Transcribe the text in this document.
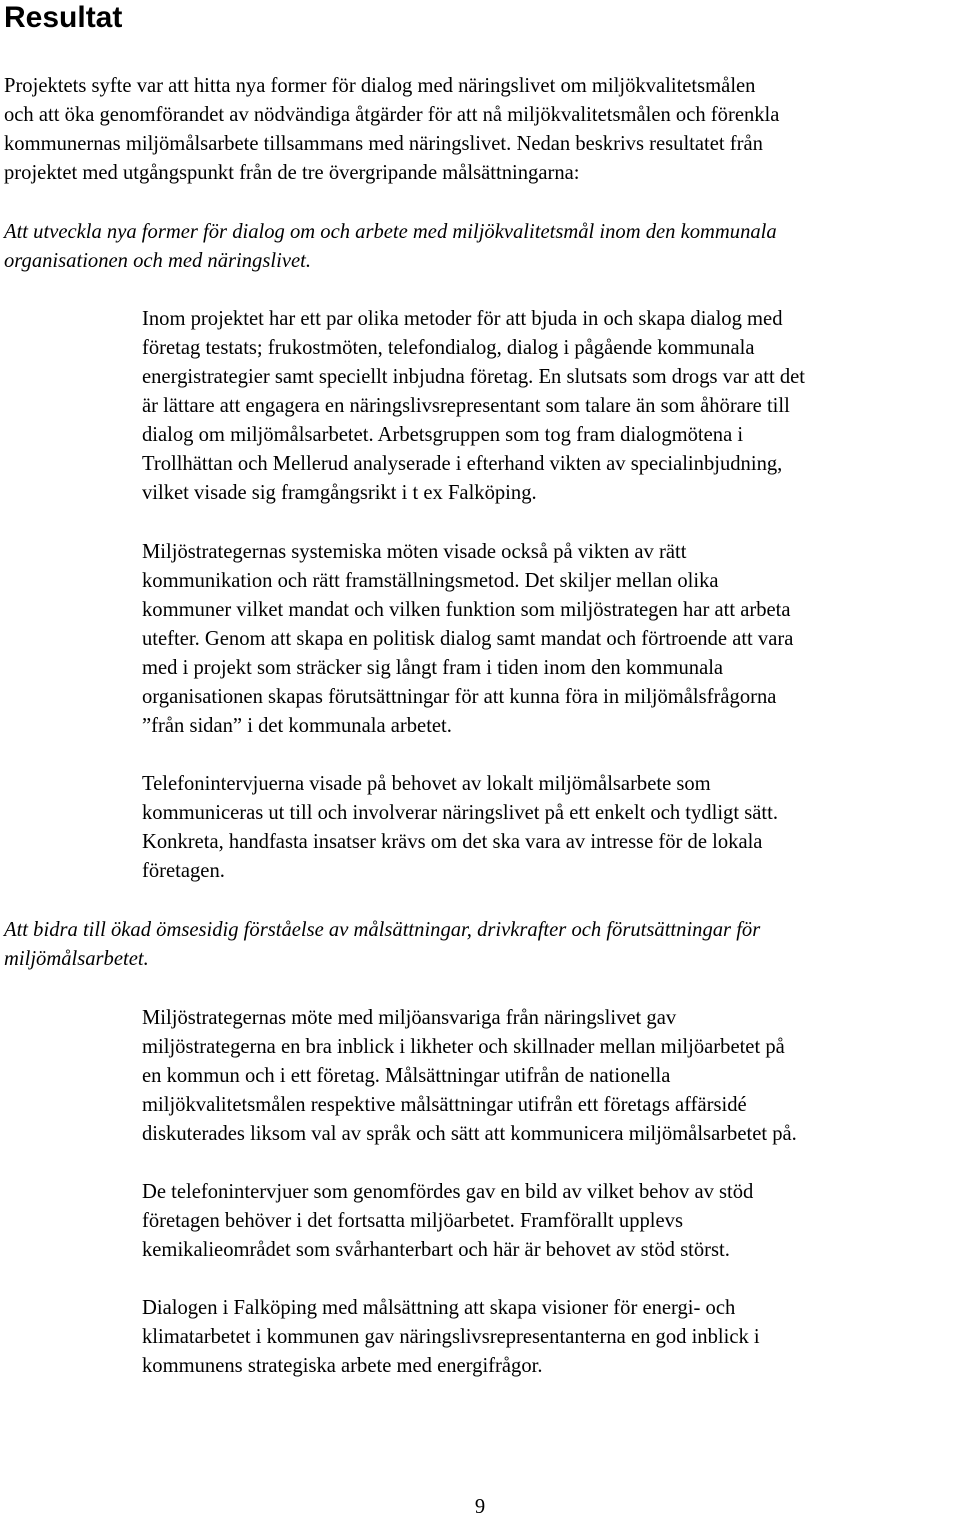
Resultat

Projektets syfte var att hitta nya former för dialog med näringslivet om miljökvalitetsmålen
och att öka genomförandet av nödvändiga åtgärder för att nå miljökvalitetsmålen och förenkla
kommunernas miljömålsarbete tillsammans med näringslivet. Nedan beskrivs resultatet från
projektet med utgångspunkt från de tre övergripande målsättningarna:

Att utveckla nya former för dialog om och arbete med miljökvalitetsmål inom den kommunala
organisationen och med näringslivet.

Inom projektet har ett par olika metoder för att bjuda in och skapa dialog med
företag testats; frukostmöten, telefondialog, dialog i pågående kommunala
energistrategier samt speciellt inbjudna företag. En slutsats som drogs var att det
är lättare att engagera en näringslivsrepresentant som talare än som åhörare till
dialog om miljömålsarbetet. Arbetsgruppen som tog fram dialogmötena i
Trollhättan och Mellerud analyserade i efterhand vikten av specialinbjudning,
vilket visade sig framgångsrikt i t ex Falköping.

Miljöstrategernas systemiska möten visade också på vikten av rätt
kommunikation och rätt framställningsmetod. Det skiljer mellan olika
kommuner vilket mandat och vilken funktion som miljöstrategen har att arbeta
utefter. Genom att skapa en politisk dialog samt mandat och förtroende att vara
med i projekt som sträcker sig långt fram i tiden inom den kommunala
organisationen skapas förutsättningar för att kunna föra in miljömålsfrågorna
”från sidan” i det kommunala arbetet.

Telefonintervjuerna visade på behovet av lokalt miljömålsarbete som
kommuniceras ut till och involverar näringslivet på ett enkelt och tydligt sätt.
Konkreta, handfasta insatser krävs om det ska vara av intresse för de lokala
företagen.

Att bidra till ökad ömsesidig förståelse av målsättningar, drivkrafter och förutsättningar för
miljömålsarbetet.

Miljöstrategernas möte med miljöansvariga från näringslivet gav
miljöstrategerna en bra inblick i likheter och skillnader mellan miljöarbetet på
en kommun och i ett företag. Målsättningar utifrån de nationella
miljökvalitetsmålen respektive målsättningar utifrån ett företags affärsidé
diskuterades liksom val av språk och sätt att kommunicera miljömålsarbetet på.

De telefonintervjuer som genomfördes gav en bild av vilket behov av stöd
företagen behöver i det fortsatta miljöarbetet. Framförallt upplevs
kemikalieområdet som svårhanterbart och här är behovet av stöd störst.

Dialogen i Falköping med målsättning att skapa visioner för energi- och
klimatarbetet i kommunen gav näringslivsrepresentanterna en god inblick i
kommunens strategiska arbete med energifrågor.

9
